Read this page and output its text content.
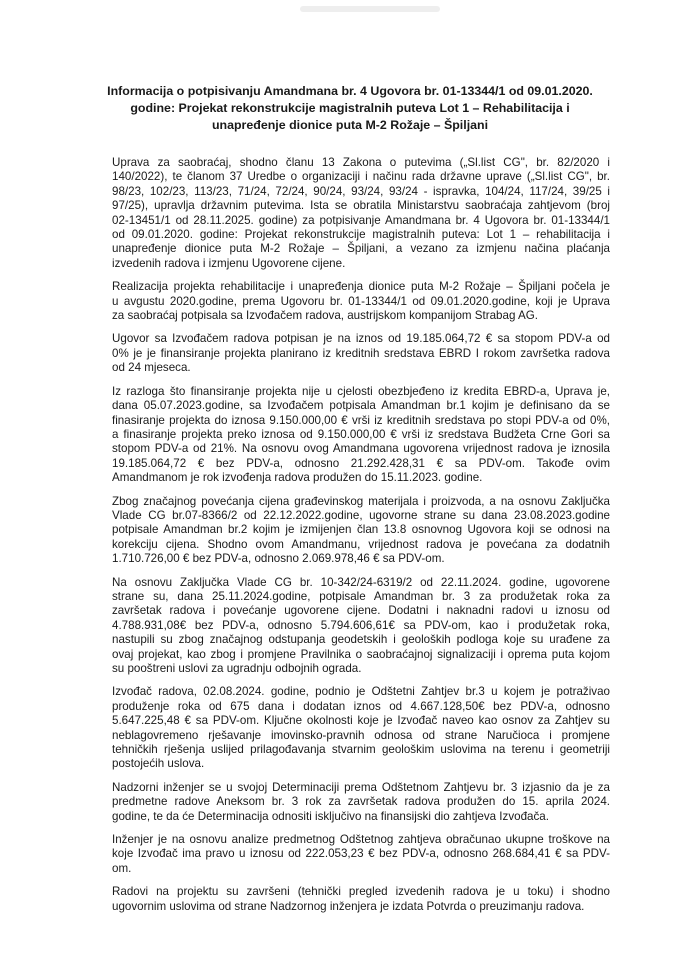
Informacija o potpisivanju Amandmana br. 4 Ugovora br. 01-13344/1 od 09.01.2020.
godine: Projekat rekonstrukcije magistralnih puteva Lot 1 – Rehabilitacija i
unapređenje dionice puta M-2 Rožaje – Špiljani
Uprava za saobraćaj, shodno članu 13 Zakona o putevima („Sl.list CG", br. 82/2020 i
140/2022), te članom 37 Uredbe o organizaciji i načinu rada državne uprave („Sl.list CG", br.
98/23, 102/23, 113/23, 71/24, 72/24, 90/24, 93/24, 93/24 - ispravka, 104/24, 117/24, 39/25 i
97/25), upravlja državnim putevima. Ista se obratila Ministarstvu saobraćaja zahtjevom (broj
02-13451/1 od 28.11.2025. godine) za potpisivanje Amandmana br. 4 Ugovora br. 01-13344/1
od 09.01.2020. godine: Projekat rekonstrukcije magistralnih puteva: Lot 1 – rehabilitacija i
unapređenje dionice puta M-2 Rožaje – Špiljani, a vezano za izmjenu načina plaćanja
izvedenih radova i izmjenu Ugovorene cijene.
Realizacija projekta rehabilitacije i unapređenja dionice puta M-2 Rožaje – Špiljani počela je
u avgustu 2020.godine, prema Ugovoru br. 01-13344/1 od 09.01.2020.godine, koji je Uprava
za saobraćaj potpisala sa Izvođačem radova, austrijskom kompanijom Strabag AG.
Ugovor sa Izvođačem radova potpisan je na iznos od 19.185.064,72 € sa stopom PDV-a od
0% je je finansiranje projekta planirano iz kreditnih sredstava EBRD I rokom završetka radova
od 24 mjeseca.
Iz razloga što finansiranje projekta nije u cjelosti obezbjeđeno iz kredita EBRD-a, Uprava je,
dana 05.07.2023.godine, sa Izvođačem potpisala Amandman br.1 kojim je definisano da se
finasiranje projekta do iznosa 9.150.000,00 € vrši iz kreditnih sredstava po stopi PDV-a od 0%,
a finasiranje projekta preko iznosa od 9.150.000,00 € vrši iz sredstava Budžeta Crne Gori sa
stopom PDV-a od 21%. Na osnovu ovog Amandmana ugovorena vrijednost radova je iznosila
19.185.064,72 € bez PDV-a, odnosno 21.292.428,31 € sa PDV-om. Takođe ovim
Amandmanom je rok izvođenja radova produžen do 15.11.2023. godine.
Zbog značajnog povećanja cijena građevinskog materijala i proizvoda, a na osnovu Zaključka
Vlade CG br.07-8366/2 od 22.12.2022.godine, ugovorne strane su dana 23.08.2023.godine
potpisale Amandman br.2 kojim je izmijenjen član 13.8 osnovnog Ugovora koji se odnosi na
korekciju cijena. Shodno ovom Amandmanu, vrijednost radova je povećana za dodatnih
1.710.726,00 € bez PDV-a, odnosno 2.069.978,46 € sa PDV-om.
Na osnovu Zaključka Vlade CG br. 10-342/24-6319/2 od 22.11.2024. godine, ugovorene
strane su, dana 25.11.2024.godine, potpisale Amandman br. 3 za produžetak roka za
završetak radova i povećanje ugovorene cijene. Dodatni i naknadni radovi u iznosu od
4.788.931,08€ bez PDV-a, odnosno 5.794.606,61€ sa PDV-om, kao i produžetak roka,
nastupili su zbog značajnog odstupanja geodetskih i geoloških podloga koje su urađene za
ovaj projekat, kao zbog i promjene Pravilnika o saobraćajnoj signalizaciji i oprema puta kojom
su pooštreni uslovi za ugradnju odbojnih ograda.
Izvođač radova, 02.08.2024. godine, podnio je Odštetni Zahtjev br.3 u kojem je potraživao
produženje roka od 675 dana i dodatan iznos od 4.667.128,50€ bez PDV-a, odnosno
5.647.225,48 € sa PDV-om. Ključne okolnosti koje je Izvođač naveo kao osnov za Zahtjev su
neblagovremeno rješavanje imovinsko-pravnih odnosa od strane Naručioca i promjene
tehničkih rješenja uslijed prilagođavanja stvarnim geološkim uslovima na terenu i geometriji
postojećih uslova.
Nadzorni inženjer se u svojoj Determinaciji prema Odštetnom Zahtjevu br. 3 izjasnio da je za
predmetne radove Aneksom br. 3 rok za završetak radova produžen do 15. aprila 2024.
godine, te da će Determinacija odnositi isključivo na finansijski dio zahtjeva Izvođača.
Inženjer je na osnovu analize predmetnog Odštetnog zahtjeva obračunao ukupne troškove na
koje Izvođač ima pravo u iznosu od 222.053,23 € bez PDV-a, odnosno 268.684,41 € sa PDV-
om.
Radovi na projektu su završeni (tehnički pregled izvedenih radova je u toku) i shodno
ugovornim uslovima od strane Nadzornog inženjera je izdata Potvrda o preuzimanju radova.
